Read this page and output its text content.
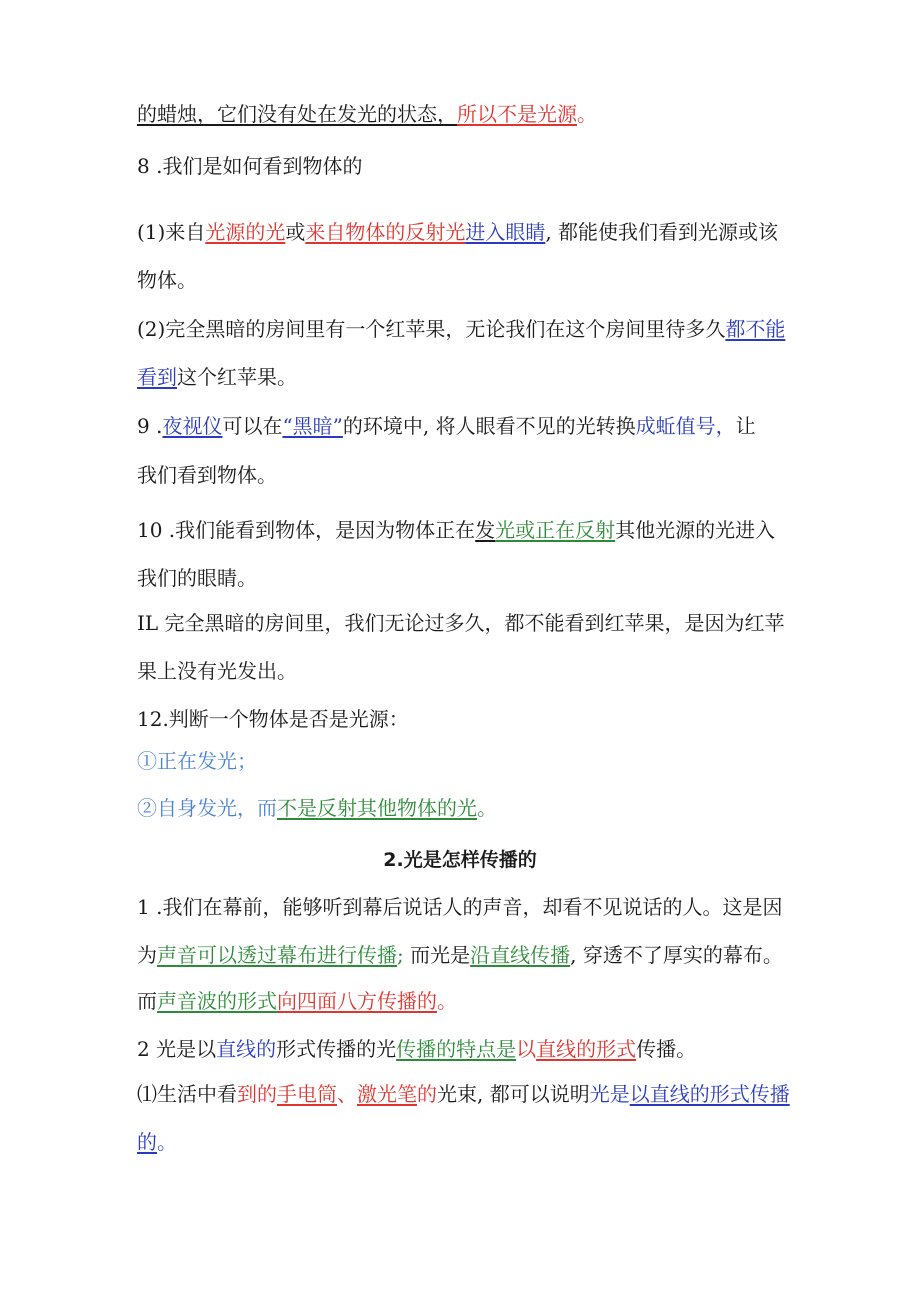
的蜡烛，它们没有处在发光的状态，所以不是光源。
8 .我们是如何看到物体的
(1)来自光源的光或来自物体的反射光进入眼睛, 都能使我们看到光源或该
物体。
(2)完全黑暗的房间里有一个红苹果，无论我们在这个房间里待多久都不能
看到这个红苹果。
9 .夜视仪可以在“黑暗”的环境中, 将人眼看不见的光转换成蚯值号，让
我们看到物体。
10 .我们能看到物体，是因为物体正在发光或正在反射其他光源的光进入
我们的眼睛。
IL 完全黑暗的房间里，我们无论过多久，都不能看到红苹果，是因为红苹
果上没有光发出。
12.判断一个物体是否是光源：
①正在发光；
②自身发光，而不是反射其他物体的光。
1 .我们在幕前，能够听到幕后说话人的声音，却看不见说话的人。这是因
为声音可以透过幕布进行传播; 而光是沿直线传播, 穿透不了厚实的幕布。
而声音波的形式向四面八方传播的。
2 光是以直线的形式传播的光传播的特点是以直线的形式传播。
⑴生活中看到的手电筒、激光笔的光束, 都可以说明光是以直线的形式传播
的。
2.光是怎样传播的
